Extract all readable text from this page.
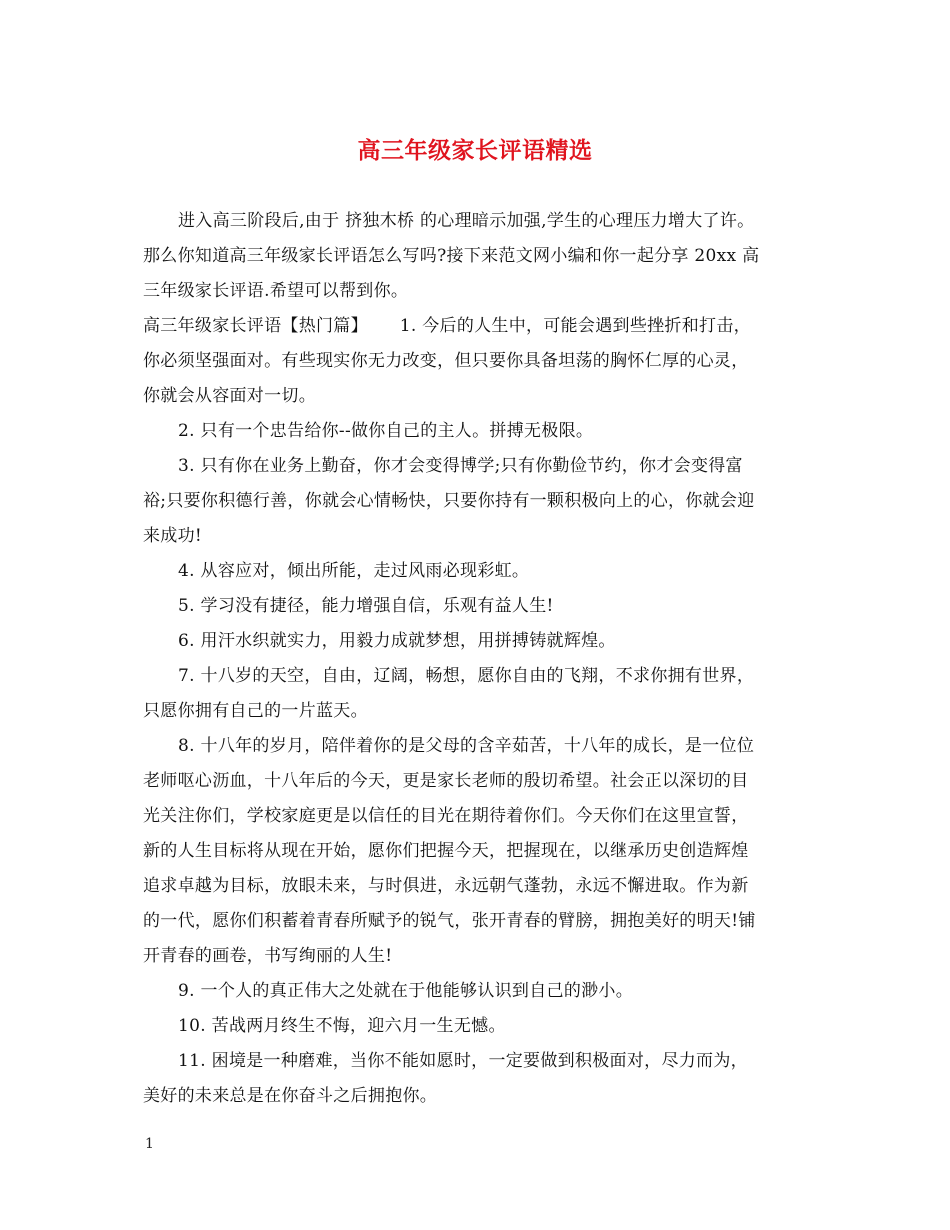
高三年级家长评语精选
进入高三阶段后,由于 挤独木桥 的心理暗示加强,学生的心理压力增大了许。
那么你知道高三年级家长评语怎么写吗?接下来范文网小编和你一起分享 20xx 高
三年级家长评语.希望可以帮到你。
高三年级家长评语【热门篇】　　 1. 今后的人生中，可能会遇到些挫折和打击，
你必须坚强面对。有些现实你无力改变，但只要你具备坦荡的胸怀仁厚的心灵，
你就会从容面对一切。
2. 只有一个忠告给你--做你自己的主人。拼搏无极限。
3. 只有你在业务上勤奋，你才会变得博学;只有你勤俭节约，你才会变得富
裕;只要你积德行善，你就会心情畅快，只要你持有一颗积极向上的心，你就会迎
来成功!
4. 从容应对，倾出所能，走过风雨必现彩虹。
5. 学习没有捷径，能力增强自信，乐观有益人生!
6. 用汗水织就实力，用毅力成就梦想，用拼搏铸就辉煌。
7. 十八岁的天空，自由，辽阔，畅想，愿你自由的飞翔，不求你拥有世界，
只愿你拥有自己的一片蓝天。
8. 十八年的岁月，陪伴着你的是父母的含辛茹苦，十八年的成长，是一位位
老师呕心沥血，十八年后的今天，更是家长老师的殷切希望。社会正以深切的目
光关注你们，学校家庭更是以信任的目光在期待着你们。今天你们在这里宣誓，
新的人生目标将从现在开始，愿你们把握今天，把握现在，以继承历史创造辉煌
追求卓越为目标，放眼未来，与时俱进，永远朝气蓬勃，永远不懈进取。作为新
的一代，愿你们积蓄着青春所赋予的锐气，张开青春的臂膀，拥抱美好的明天!铺
开青春的画卷，书写绚丽的人生!
9. 一个人的真正伟大之处就在于他能够认识到自己的渺小。
10. 苦战两月终生不悔，迎六月一生无憾。
11. 困境是一种磨难，当你不能如愿时，一定要做到积极面对，尽力而为，
美好的未来总是在你奋斗之后拥抱你。
1
